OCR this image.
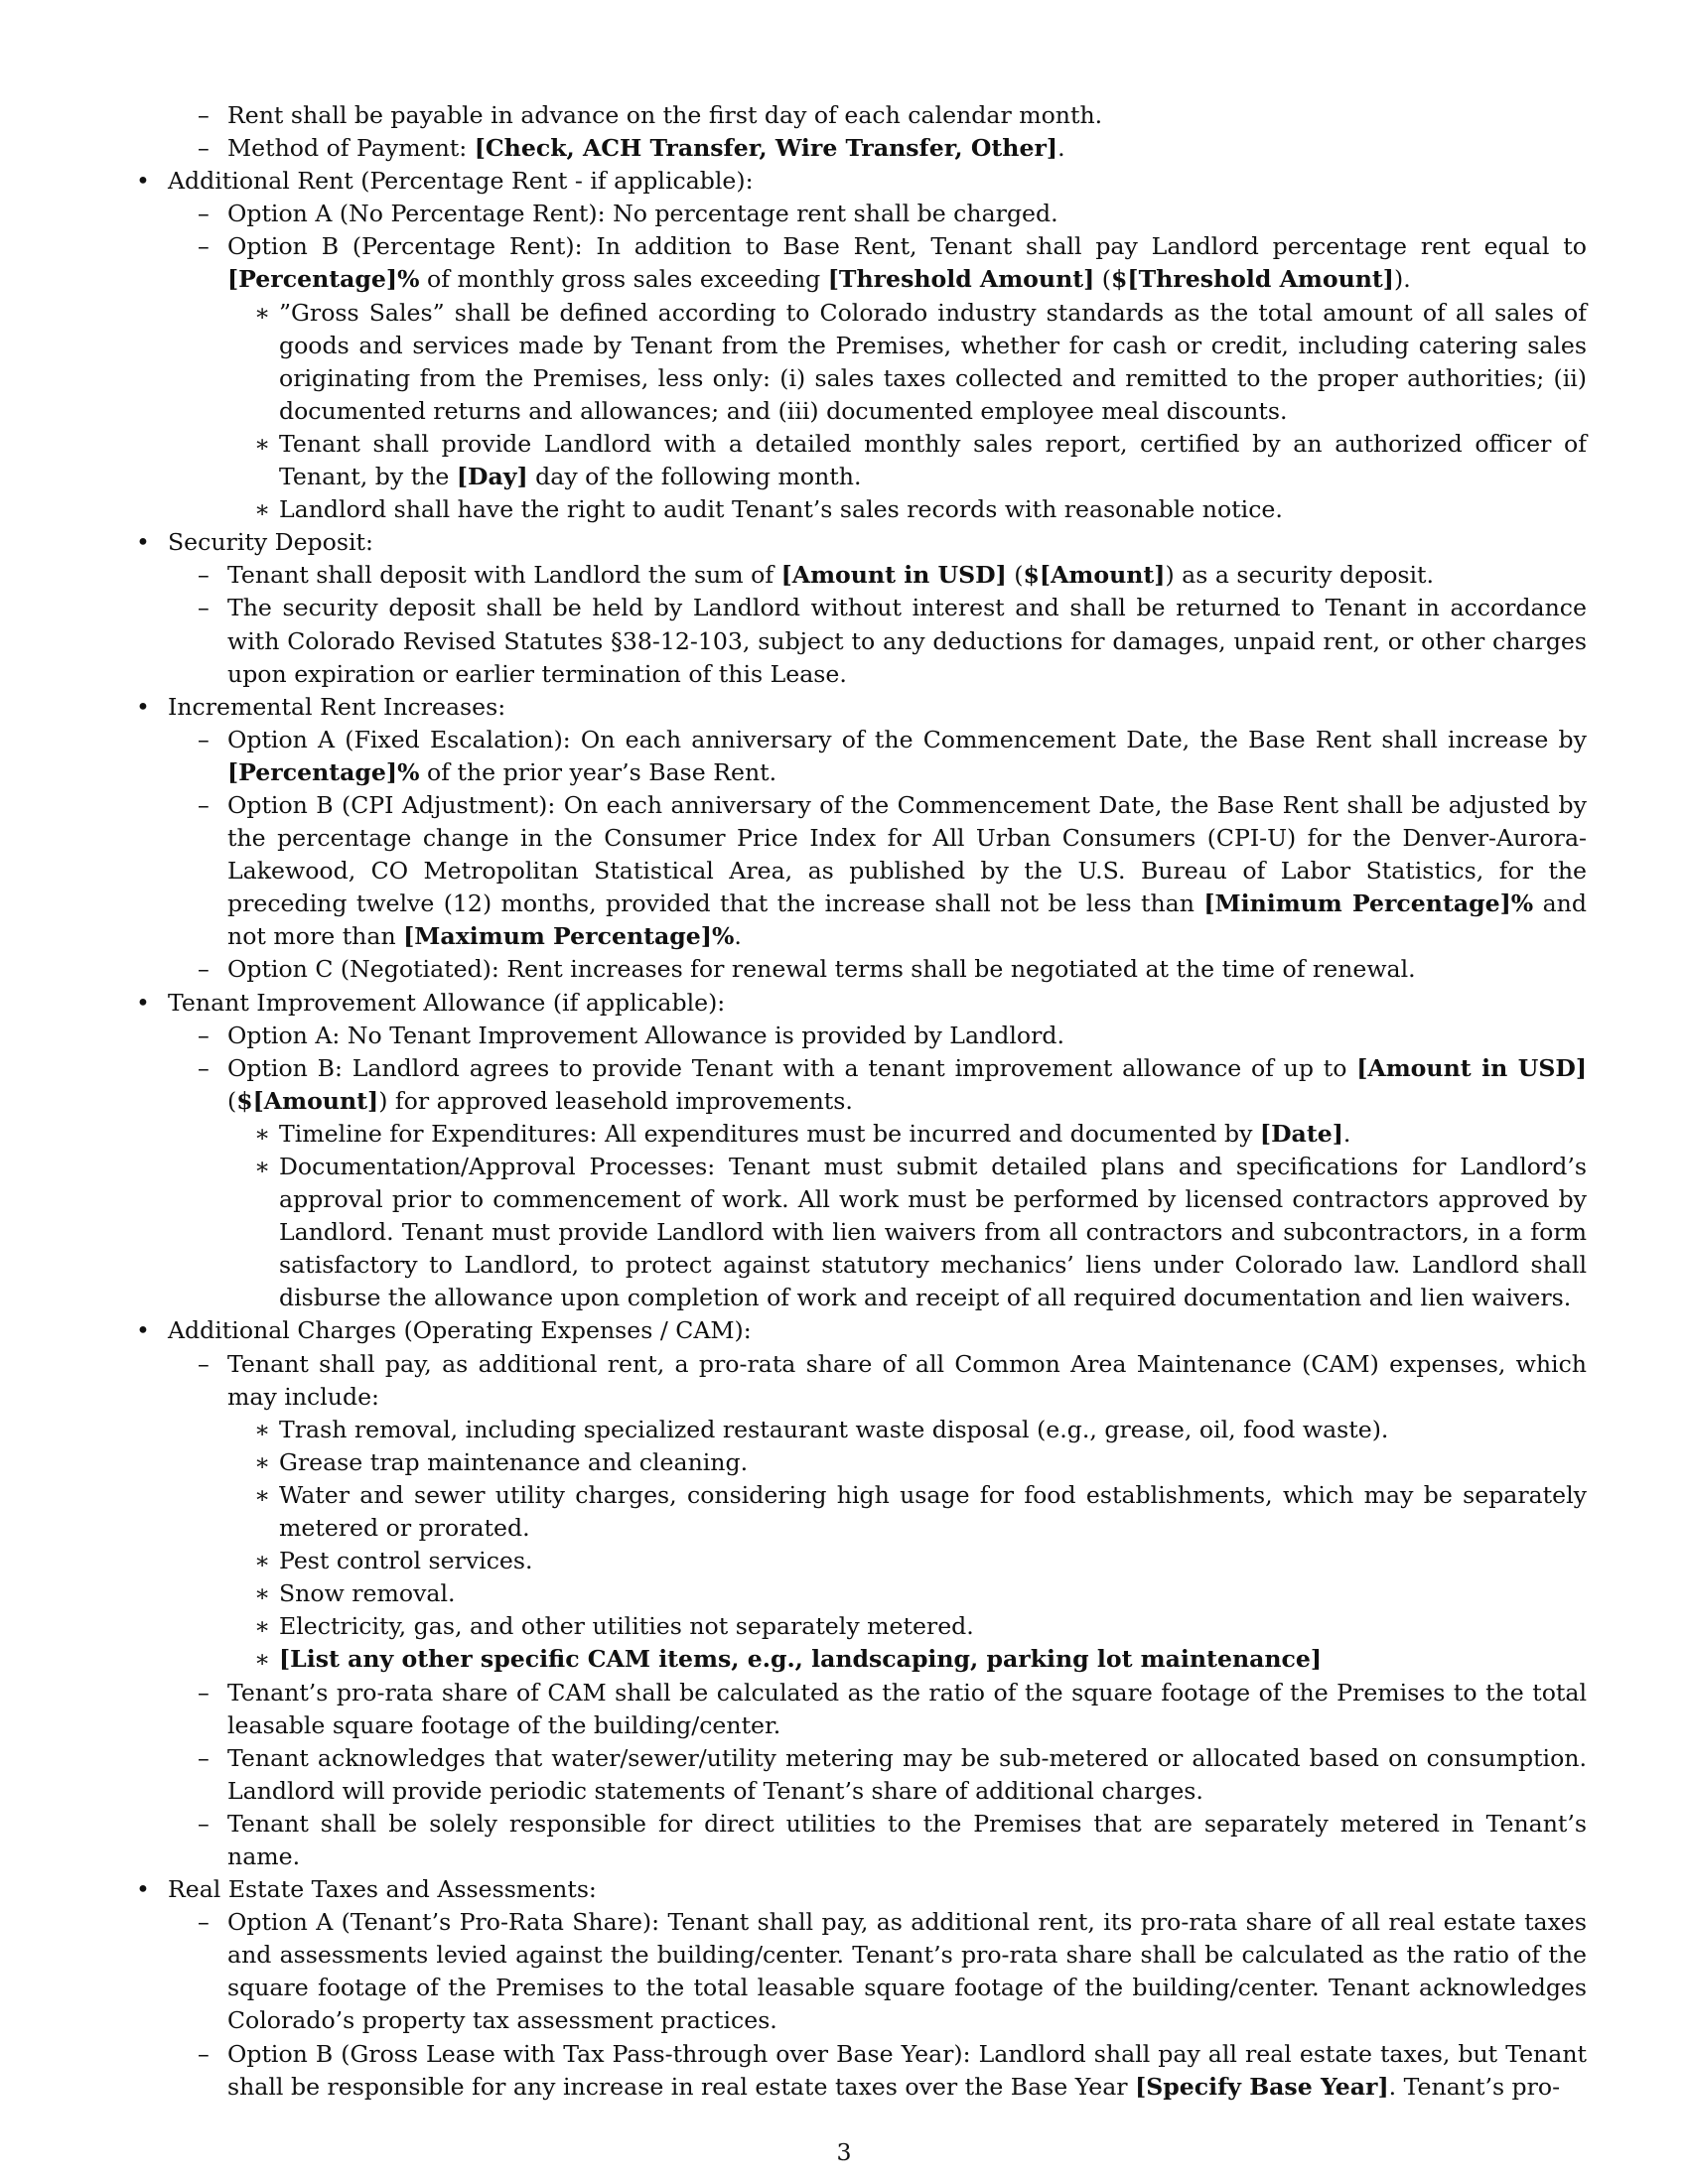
– Rent shall be payable in advance on the first day of each calendar month.
– Method of Payment: [Check, ACH Transfer, Wire Transfer, Other].
• Additional Rent (Percentage Rent - if applicable):
– Option A (No Percentage Rent): No percentage rent shall be charged.
– Option B (Percentage Rent): In addition to Base Rent, Tenant shall pay Landlord percentage rent equal to [Percentage]% of monthly gross sales exceeding [Threshold Amount] ($[Threshold Amount]).
∗ ”Gross Sales” shall be defined according to Colorado industry standards as the total amount of all sales of goods and services made by Tenant from the Premises, whether for cash or credit, including catering sales originating from the Premises, less only: (i) sales taxes collected and remitted to the proper authorities; (ii) documented returns and allowances; and (iii) documented employee meal discounts.
∗ Tenant shall provide Landlord with a detailed monthly sales report, certified by an authorized officer of Tenant, by the [Day] day of the following month.
∗ Landlord shall have the right to audit Tenant’s sales records with reasonable notice.
• Security Deposit:
– Tenant shall deposit with Landlord the sum of [Amount in USD] ($[Amount]) as a security deposit.
– The security deposit shall be held by Landlord without interest and shall be returned to Tenant in accordance with Colorado Revised Statutes §38-12-103, subject to any deductions for damages, unpaid rent, or other charges upon expiration or earlier termination of this Lease.
• Incremental Rent Increases:
– Option A (Fixed Escalation): On each anniversary of the Commencement Date, the Base Rent shall increase by [Percentage]% of the prior year’s Base Rent.
– Option B (CPI Adjustment): On each anniversary of the Commencement Date, the Base Rent shall be adjusted by the percentage change in the Consumer Price Index for All Urban Consumers (CPI-U) for the Denver-Aurora-Lakewood, CO Metropolitan Statistical Area, as published by the U.S. Bureau of Labor Statistics, for the preceding twelve (12) months, provided that the increase shall not be less than [Minimum Percentage]% and not more than [Maximum Percentage]%.
– Option C (Negotiated): Rent increases for renewal terms shall be negotiated at the time of renewal.
• Tenant Improvement Allowance (if applicable):
– Option A: No Tenant Improvement Allowance is provided by Landlord.
– Option B: Landlord agrees to provide Tenant with a tenant improvement allowance of up to [Amount in USD] ($[Amount]) for approved leasehold improvements.
∗ Timeline for Expenditures: All expenditures must be incurred and documented by [Date].
∗ Documentation/Approval Processes: Tenant must submit detailed plans and specifications for Landlord’s approval prior to commencement of work. All work must be performed by licensed contractors approved by Landlord. Tenant must provide Landlord with lien waivers from all contractors and subcontractors, in a form satisfactory to Landlord, to protect against statutory mechanics’ liens under Colorado law. Landlord shall disburse the allowance upon completion of work and receipt of all required documentation and lien waivers.
• Additional Charges (Operating Expenses / CAM):
– Tenant shall pay, as additional rent, a pro-rata share of all Common Area Maintenance (CAM) expenses, which may include:
∗ Trash removal, including specialized restaurant waste disposal (e.g., grease, oil, food waste).
∗ Grease trap maintenance and cleaning.
∗ Water and sewer utility charges, considering high usage for food establishments, which may be separately metered or prorated.
∗ Pest control services.
∗ Snow removal.
∗ Electricity, gas, and other utilities not separately metered.
∗ [List any other specific CAM items, e.g., landscaping, parking lot maintenance]
– Tenant’s pro-rata share of CAM shall be calculated as the ratio of the square footage of the Premises to the total leasable square footage of the building/center.
– Tenant acknowledges that water/sewer/utility metering may be sub-metered or allocated based on consumption. Landlord will provide periodic statements of Tenant’s share of additional charges.
– Tenant shall be solely responsible for direct utilities to the Premises that are separately metered in Tenant’s name.
• Real Estate Taxes and Assessments:
– Option A (Tenant’s Pro-Rata Share): Tenant shall pay, as additional rent, its pro-rata share of all real estate taxes and assessments levied against the building/center. Tenant’s pro-rata share shall be calculated as the ratio of the square footage of the Premises to the total leasable square footage of the building/center. Tenant acknowledges Colorado’s property tax assessment practices.
– Option B (Gross Lease with Tax Pass-through over Base Year): Landlord shall pay all real estate taxes, but Tenant shall be responsible for any increase in real estate taxes over the Base Year [Specify Base Year]. Tenant’s pro-
3
